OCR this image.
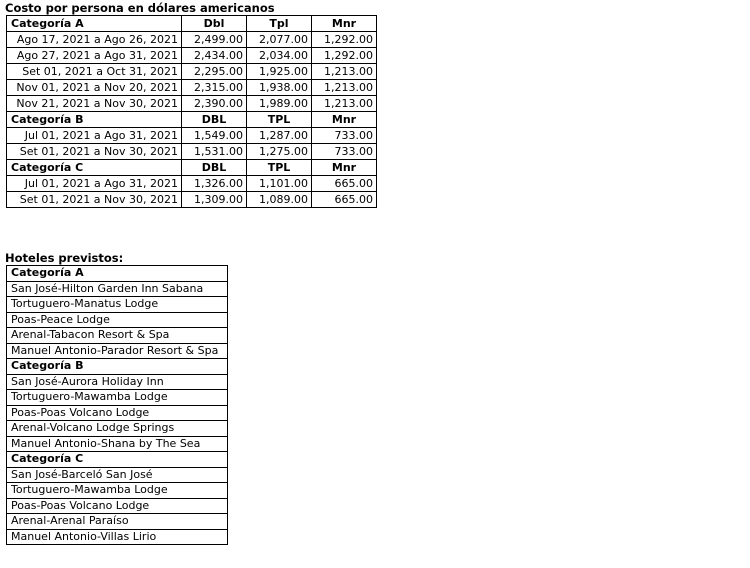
Costo por persona en dólares americanos
Categoría A	Dbl	Tpl	Mnr
Ago 17, 2021 a Ago 26, 2021	2,499.00	2,077.00	1,292.00
Ago 27, 2021 a Ago 31, 2021	2,434.00	2,034.00	1,292.00
Set 01, 2021 a Oct 31, 2021	2,295.00	1,925.00	1,213.00
Nov 01, 2021 a Nov 20, 2021	2,315.00	1,938.00	1,213.00
Nov 21, 2021 a Nov 30, 2021	2,390.00	1,989.00	1,213.00
Categoría B	DBL	TPL	Mnr
Jul 01, 2021 a Ago 31, 2021	1,549.00	1,287.00	733.00
Set 01, 2021 a Nov 30, 2021	1,531.00	1,275.00	733.00
Categoría C	DBL	TPL	Mnr
Jul 01, 2021 a Ago 31, 2021	1,326.00	1,101.00	665.00
Set 01, 2021 a Nov 30, 2021	1,309.00	1,089.00	665.00
Hoteles previstos:
Categoría A
San José-Hilton Garden Inn Sabana
Tortuguero-Manatus Lodge
Poas-Peace Lodge
Arenal-Tabacon Resort & Spa
Manuel Antonio-Parador Resort & Spa
Categoría B
San José-Aurora Holiday Inn
Tortuguero-Mawamba Lodge
Poas-Poas Volcano Lodge
Arenal-Volcano Lodge Springs
Manuel Antonio-Shana by The Sea
Categoría C
San José-Barceló San José
Tortuguero-Mawamba Lodge
Poas-Poas Volcano Lodge
Arenal-Arenal Paraíso
Manuel Antonio-Villas Lirio
